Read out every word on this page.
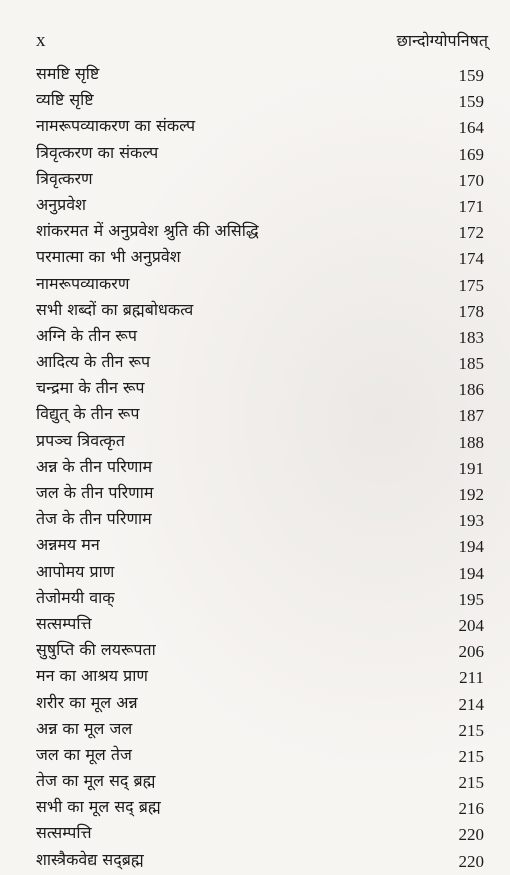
x	छान्दोग्योपनिषत्
समष्टि सृष्टि	159
व्यष्टि सृष्टि	159
नामरूपव्याकरण का संकल्प	164
त्रिवृत्करण का संकल्प	169
त्रिवृत्करण	170
अनुप्रवेश	171
शांकरमत में अनुप्रवेश श्रुति की असिद्धि	172
परमात्मा का भी अनुप्रवेश	174
नामरूपव्याकरण	175
सभी शब्दों का ब्रह्मबोधकत्व	178
अग्नि के तीन रूप	183
आदित्य के तीन रूप	185
चन्द्रमा के तीन रूप	186
विद्युत् के तीन रूप	187
प्रपञ्च त्रिवत्कृत	188
अन्न के तीन परिणाम	191
जल के तीन परिणाम	192
तेज के तीन परिणाम	193
अन्नमय मन	194
आपोमय प्राण	194
तेजोमयी वाक्	195
सत्सम्पत्ति	204
सुषुप्ति की लयरूपता	206
मन का आश्रय प्राण	211
शरीर का मूल अन्न	214
अन्न का मूल जल	215
जल का मूल तेज	215
तेज का मूल सद् ब्रह्म	215
सभी का मूल सद् ब्रह्म	216
सत्सम्पत्ति	220
शास्त्रैकवेद्य सद्ब्रह्म	220
